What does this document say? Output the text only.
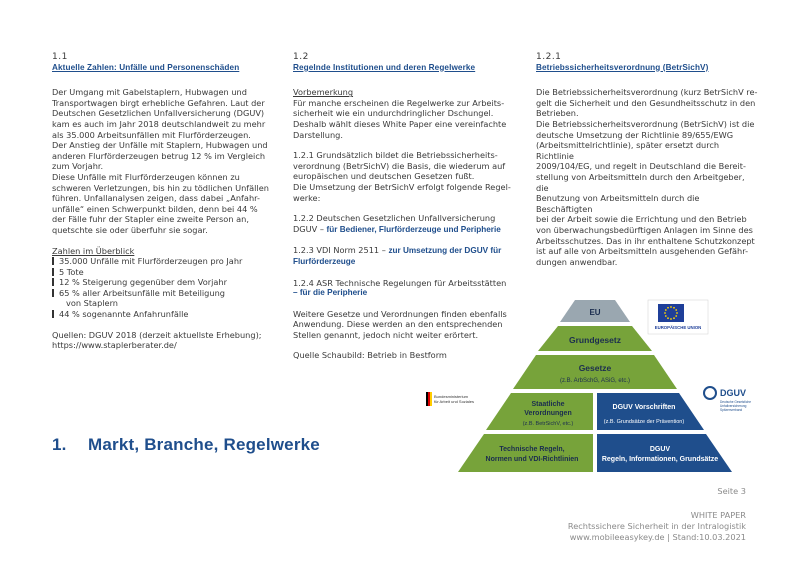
1.1
Aktuelle Zahlen: Unfälle und Personenschäden

Der Umgang mit Gabelstaplern, Hubwagen und

Transportwagen birgt erhebliche Gefahren. Laut der

Deutschen Gesetzlichen Unfallversicherung (DGUV)

kam es auch im Jahr 2018 deutschlandweit zu mehr

als 35.000 Arbeitsunfällen mit Flurförderzeugen.

Der Anstieg der Unfälle mit Staplern, Hubwagen und

anderen Flurförderzeugen betrug 12 % im Vergleich

zum Vorjahr.

Diese Unfälle mit Flurförderzeugen können zu

schweren Verletzungen, bis hin zu tödlichen Unfällen

führen. Unfallanalysen zeigen, dass dabei „Anfahr-

unfälle“ einen Schwerpunkt bilden, denn bei 44 %

der Fälle fuhr der Stapler eine zweite Person an,

quetschte sie oder überfuhr sie sogar.

Zahlen im Überblick

35.000 Unfälle mit Flurförderzeugen pro Jahr
5 Tote
12 % Steigerung gegenüber dem Vorjahr
65 % aller Arbeitsunfälle mit Beteiligung
von Staplern
44 % sogenannte Anfahrunfälle

Quellen: DGUV 2018 (derzeit aktuellste Erhebung);

https://www.staplerberater.de/

1.2
Regelnde Institutionen und deren Regelwerke

Vorbemerkung

Für manche erscheinen die Regelwerke zur Arbeits-

sicherheit wie ein undurchdringlicher Dschungel.

Deshalb wählt dieses White Paper eine vereinfachte

Darstellung.

1.2.1 Grundsätzlich bildet die Betriebssicherheits-

verordnung (BetrSichV) die Basis, die wiederum auf

europäischen und deutschen Gesetzen fußt.

Die Umsetzung der BetrSichV erfolgt folgende Regel-

werke:

1.2.2 Deutschen Gesetzlichen Unfallversicherung

DGUV – für Bediener, Flurförderzeuge und Peripherie

1.2.3 VDI Norm 2511 – zur Umsetzung der DGUV für

Flurförderzeuge

1.2.4 ASR Technische Regelungen für Arbeitsstätten

– für die Peripherie

Weitere Gesetze und Verordnungen finden ebenfalls

Anwendung. Diese werden an den entsprechenden

Stellen genannt, jedoch nicht weiter erörtert.

Quelle Schaubild: Betrieb in Bestform

1.2.1
Betriebssicherheitsverordnung (BetrSichV)

Die Betriebssicherheitsverordnung (kurz BetrSichV re-

gelt die Sicherheit und den Gesundheitsschutz in den

Betrieben.

Die Betriebssicherheitsverordnung (BetrSichV) ist die

deutsche Umsetzung der Richtlinie 89/655/EWG

(Arbeitsmittelrichtlinie), später ersetzt durch Richtlinie

2009/104/EG, und regelt in Deutschland die Bereit-

stellung von Arbeitsmitteln durch den Arbeitgeber, die

Benutzung von Arbeitsmitteln durch die Beschäftigten

bei der Arbeit sowie die Errichtung und den Betrieb

von überwachungsbedürftigen Anlagen im Sinne des

Arbeitsschutzes. Das in ihr enthaltene Schutzkonzept

ist auf alle von Arbeitsmitteln ausgehenden Gefähr-

dungen anwendbar.

EU
Grundgesetz
Gesetze
(z.B. ArbSchG, ASiG, etc.)
Staatliche
Verordnungen
(z.B. BetrSichV, etc.)
DGUV Vorschriften
(z.B. Grundsätze der Prävention)
Technische Regeln,
Normen und VDI-Richtlinien
DGUV
Regeln, Informationen, Grundsätze
EUROPÄISCHE UNION
Bundesministerium
für Arbeit und Soziales
DGUV
Deutsche Gesetzliche
Unfallversicherung
Spitzenverband
1. Markt, Branche, Regelwerke
Seite 3
WHITE PAPER
Rechtssichere Sicherheit in der Intralogistik
www.mobileeasykey.de | Stand:10.03.2021
